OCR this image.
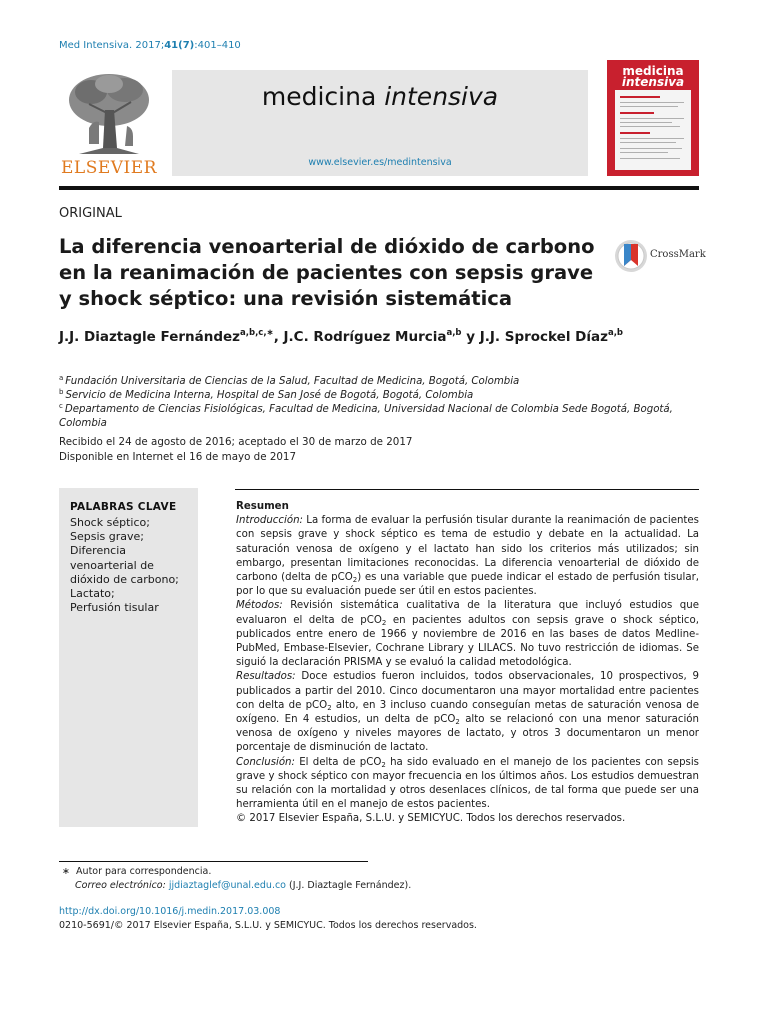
Med Intensiva. 2017;41(7):401–410
ELSEVIER
medicina intensiva
www.elsevier.es/medintensiva
medicina
intensiva
ORIGINAL
La diferencia venoarterial de dióxido de carbono en la reanimación de pacientes con sepsis grave y shock séptico: una revisión sistemática
CrossMark
J.J. Diaztagle Fernández$^{a,b,c,∗}$, J.C. Rodríguez Murcia$^{a,b}$ y J.J. Sprockel Díaz$^{a,b}$
$^a$ Fundación Universitaria de Ciencias de la Salud, Facultad de Medicina, Bogotá, Colombia
$^b$ Servicio de Medicina Interna, Hospital de San José de Bogotá, Bogotá, Colombia
$^c$ Departamento de Ciencias Fisiológicas, Facultad de Medicina, Universidad Nacional de Colombia Sede Bogotá, Bogotá, Colombia
Recibido el 24 de agosto de 2016; aceptado el 30 de marzo de 2017
Disponible en Internet el 16 de mayo de 2017
PALABRAS CLAVE
Shock séptico;
Sepsis grave;
Diferencia venoarterial de dióxido de carbono;
Lactato;
Perfusión tisular
Resumen

Introducción: La forma de evaluar la perfusión tisular durante la reanimación de pacientes con sepsis grave y shock séptico es tema de estudio y debate en la actualidad. La saturación venosa de oxígeno y el lactato han sido los criterios más utilizados; sin embargo, presentan limitaciones reconocidas. La diferencia venoarterial de dióxido de carbono (delta de pCO$_2$) es una variable que puede indicar el estado de perfusión tisular, por lo que su evaluación puede ser útil en estos pacientes.

Métodos: Revisión sistemática cualitativa de la literatura que incluyó estudios que evaluaron el delta de pCO$_2$ en pacientes adultos con sepsis grave o shock séptico, publicados entre enero de 1966 y noviembre de 2016 en las bases de datos Medline-PubMed, Embase-Elsevier, Cochrane Library y LILACS. No tuvo restricción de idiomas. Se siguió la declaración PRISMA y se evaluó la calidad metodológica.

Resultados: Doce estudios fueron incluidos, todos observacionales, 10 prospectivos, 9 publicados a partir del 2010. Cinco documentaron una mayor mortalidad entre pacientes con delta de pCO$_2$ alto, en 3 incluso cuando conseguían metas de saturación venosa de oxígeno. En 4 estudios, un delta de pCO$_2$ alto se relacionó con una menor saturación venosa de oxígeno y niveles mayores de lactato, y otros 3 documentaron un menor porcentaje de disminución de lactato.

Conclusión: El delta de pCO$_2$ ha sido evaluado en el manejo de los pacientes con sepsis grave y shock séptico con mayor frecuencia en los últimos años. Los estudios demuestran su relación con la mortalidad y otros desenlaces clínicos, de tal forma que puede ser una herramienta útil en el manejo de estos pacientes.

© 2017 Elsevier España, S.L.U. y SEMICYUC. Todos los derechos reservados.

∗ Autor para correspondencia.
Correo electrónico: jjdiaztaglef@unal.edu.co (J.J. Diaztagle Fernández).
http://dx.doi.org/10.1016/j.medin.2017.03.008
0210-5691/© 2017 Elsevier España, S.L.U. y SEMICYUC. Todos los derechos reservados.
